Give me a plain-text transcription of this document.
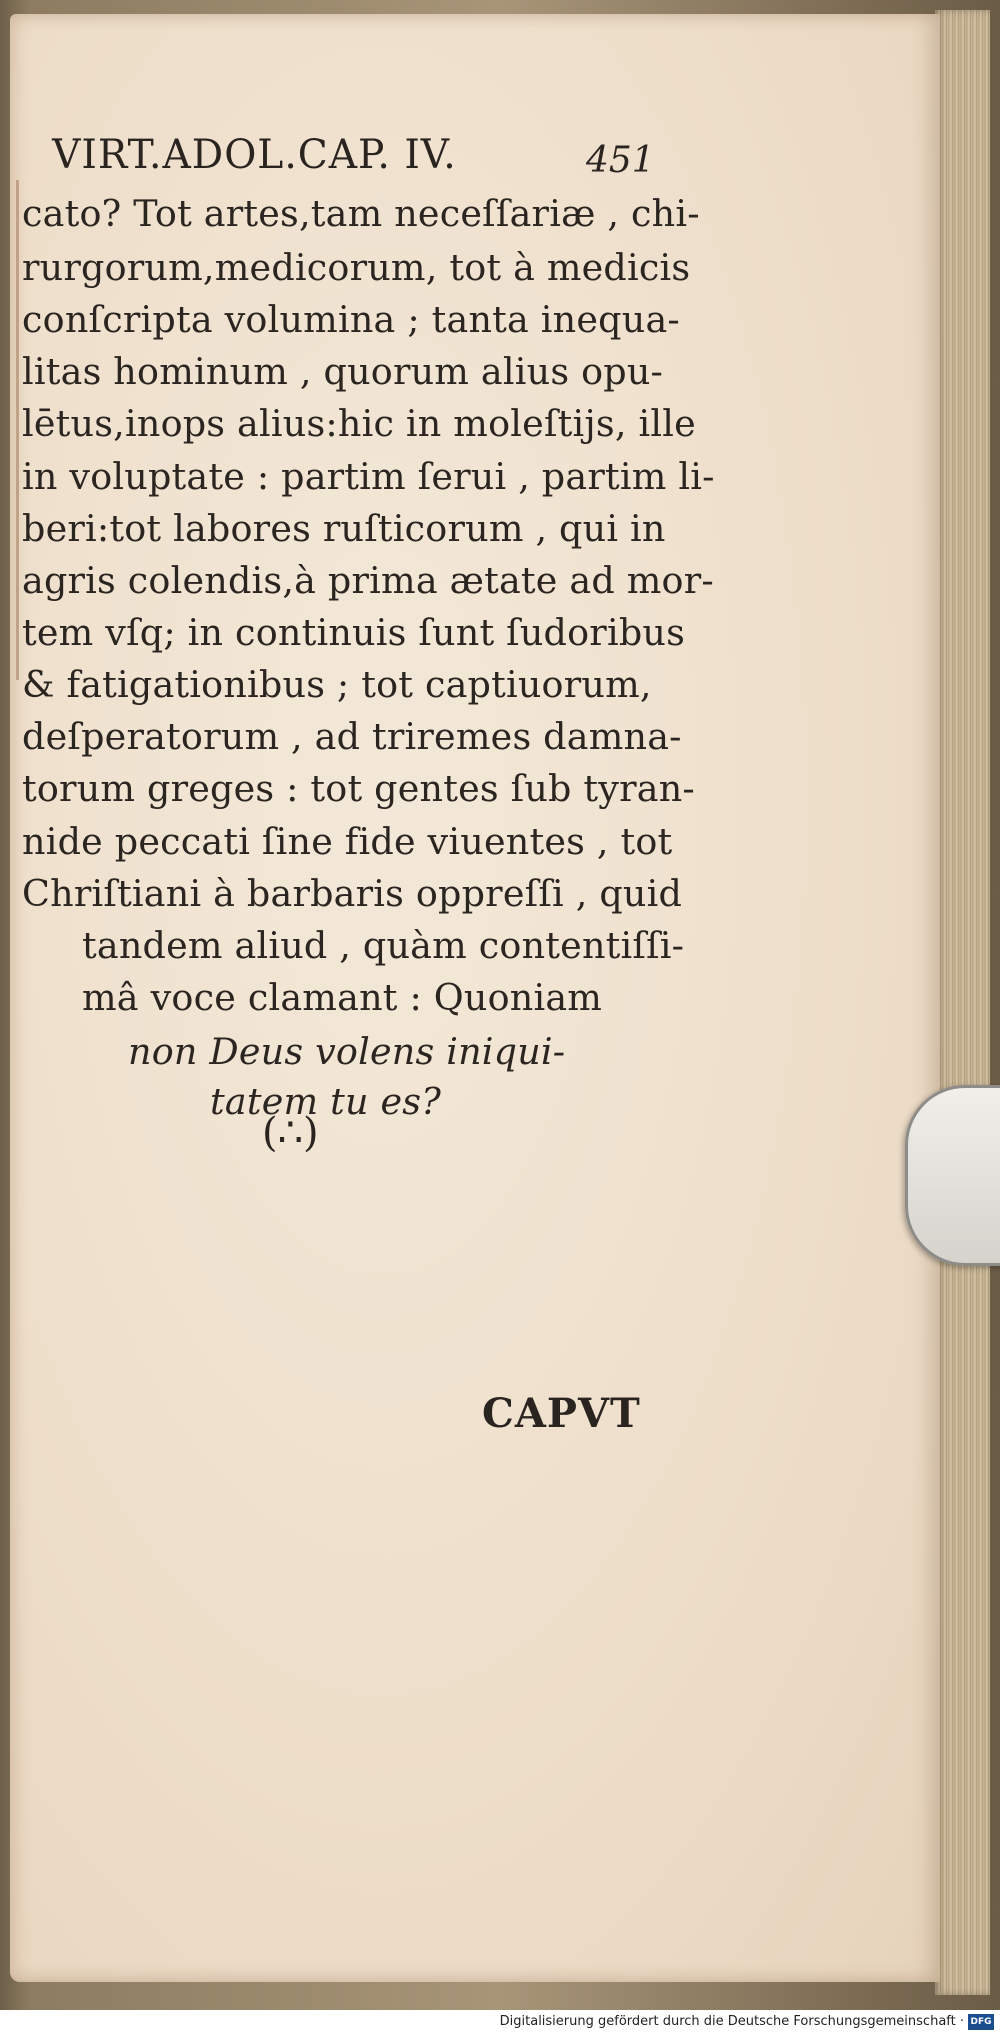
VIRT.ADOL.CAP. IV.	451
cato? Tot artes,tam neceſſariæ , chi-
rurgorum,medicorum, tot à medicis
conſcripta volumina ; tanta inequa-
litas hominum , quorum alius opu-
lētus,inops alius:hic in moleſtijs, ille
in voluptate : partim ſerui , partim li-
beri:tot labores ruſticorum , qui in
agris colendis,à prima ætate ad mor-
tem vſq; in continuis ſunt ſudoribus
& fatigationibus ; tot captiuorum,
deſperatorum , ad triremes damna-
torum greges : tot gentes ſub tyran-
nide peccati ſine fide viuentes , tot
Chriſtiani à barbaris oppreſſi , quid
tandem aliud , quàm contentiſſi-
mâ voce clamant : Quoniam
non Deus volens iniqui-
tatem tu es?
(∴)
CAPVT
Digitalisierung gefördert durch die Deutsche Forschungsgemeinschaft · DFG
